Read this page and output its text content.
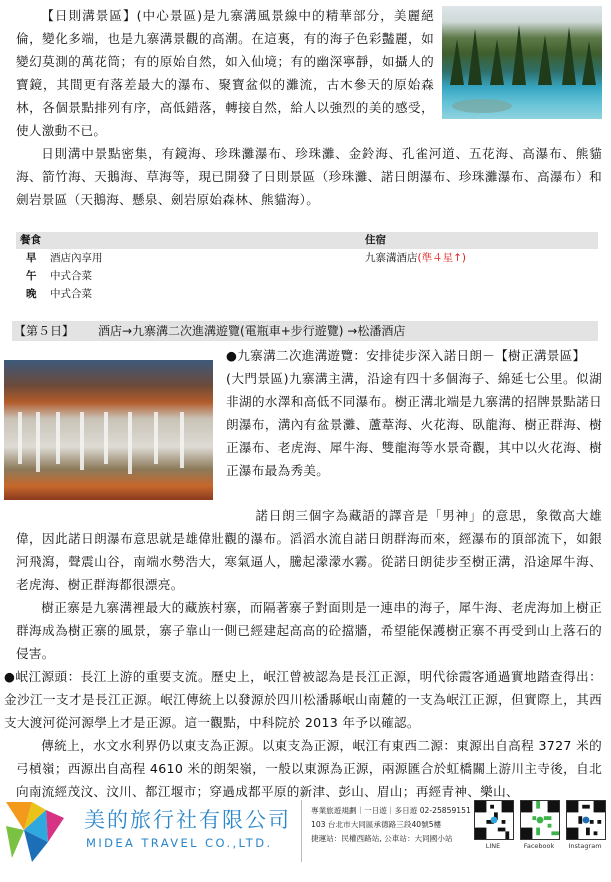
【日則溝景區】(中心景區)是九寨溝風景線中的精華部分，美麗絕倫，變化多端，也是九寨溝景觀的高潮。在這裏，有的海子色彩豔麗，如變幻莫測的萬花筒；有的原始自然，如入仙境；有的幽深寧靜，如攝人的寶鏡，其間更有落差最大的瀑布、聚寶盆似的灘流，古木參天的原始森林，各個景點排列有序，高低錯落，轉接自然，給人以強烈的美的感受，使人激動不已。

日則溝中景點密集，有鏡海、珍珠灘瀑布、珍珠灘、金鈴海、孔雀河道、五花海、高瀑布、熊貓海、箭竹海、天鵝海、草海等，現已開發了日則景區（珍珠灘、諾日朗瀑布、珍珠灘瀑布、高瀑布）和劍岩景區（天鵝海、懸泉、劍岩原始森林、熊貓海）。

餐食	住宿
早 酒店內享用	九寨溝酒店(準４星↑)
午 中式合菜
晚 中式合菜
【第５日】 酒店→九寨溝二次進溝遊覽(電瓶車+步行遊覽) →松潘酒店

●九寨溝二次進溝遊覽：安排徒步深入諾日朗－【樹正溝景區】

(大門景區)九寨溝主溝，沿途有四十多個海子、綿延七公里。似湖非湖的水澤和高低不同瀑布。樹正溝北端是九寨溝的招牌景點諾日朗瀑布，溝內有盆景灘、蘆葦海、火花海、臥龍海、樹正群海、樹正瀑布、老虎海、犀牛海、雙龍海等水景奇觀，其中以火花海、樹正瀑布最為秀美。

諾日朗三個字為藏語的譯音是「男神」的意思，象徵高大雄偉，因此諾日朗瀑布意思就是雄偉壯觀的瀑布。滔滔水流自諾日朗群海而來，經瀑布的頂部流下，如銀河飛瀉，聲震山谷，南端水勢浩大，寒氣逼人，騰起濛濛水霧。從諾日朗徒步至樹正溝，沿途犀牛海、老虎海、樹正群海都很漂亮。

樹正寨是九寨溝裡最大的藏族村寨，而隔著寨子對面則是一連串的海子，犀牛海、老虎海加上樹正群海成為樹正寨的風景，寨子靠山一側已經建起高高的砼擋牆，希望能保護樹正寨不再受到山上落石的侵害。

●岷江源頭：長江上游的重要支流。歷史上，岷江曾被認為是長江正源，明代徐霞客通過實地踏查得出：金沙江一支才是長江正源。岷江傳統上以發源於四川松潘縣岷山南麓的一支為岷江正源，但實際上，其西支大渡河從河源學上才是正源。這一觀點，中科院於 2013 年予以確認。

傳統上，水文水利界仍以東支為正源。以東支為正源，岷江有東西二源：東源出自高程 3727 米的弓槓嶺；西源出自高程 4610 米的朗架嶺，一般以東源為正源，兩源匯合於虹橋關上游川主寺後，自北向南流經茂汶、汶川、都江堰市；穿過成都平原的新津、彭山、眉山；再經青神、樂山、

美的旅行社有限公司
MIDEA TRAVEL CO.,LTD.
專業旅遊規劃｜一日遊｜多日遊 02-25859151
103 台北市大同區承德路三段40號5樓
捷運站：民權西路站, 公車站：大同國小站
LINE	Facebook	Instagram
